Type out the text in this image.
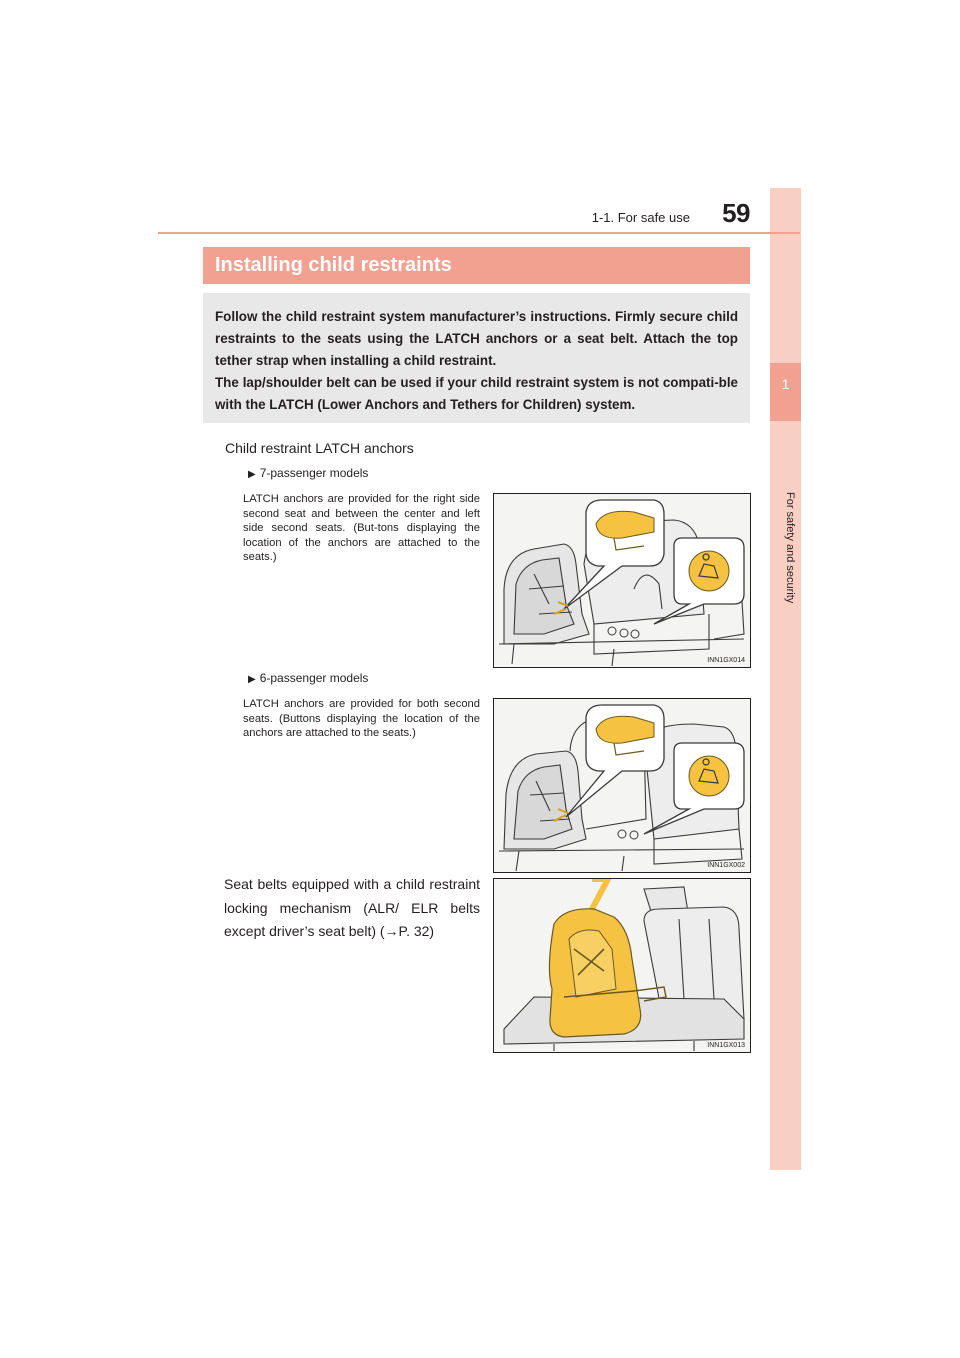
1
For safety and security
1-1. For safe use	59
Installing child restraints

Follow the child restraint system manufacturer’s instructions. Firmly secure child restraints to the seats using the LATCH anchors or a seat belt. Attach the top tether strap when installing a child restraint.

The lap/shoulder belt can be used if your child restraint system is not compati-ble with the LATCH (Lower Anchors and Tethers for Children) system.

Child restraint LATCH anchors
▶ 7-passenger models
LATCH anchors are provided for the right side second seat and between the center and left side second seats. (But-tons displaying the location of the anchors are attached to the seats.)
INN1GX014
▶ 6-passenger models
LATCH anchors are provided for both second seats. (Buttons displaying the location of the anchors are attached to the seats.)
INN1GX002
Seat belts equipped with a child restraint locking mechanism (ALR/ ELR belts except driver’s seat belt) (→P. 32)
INN1GX013
